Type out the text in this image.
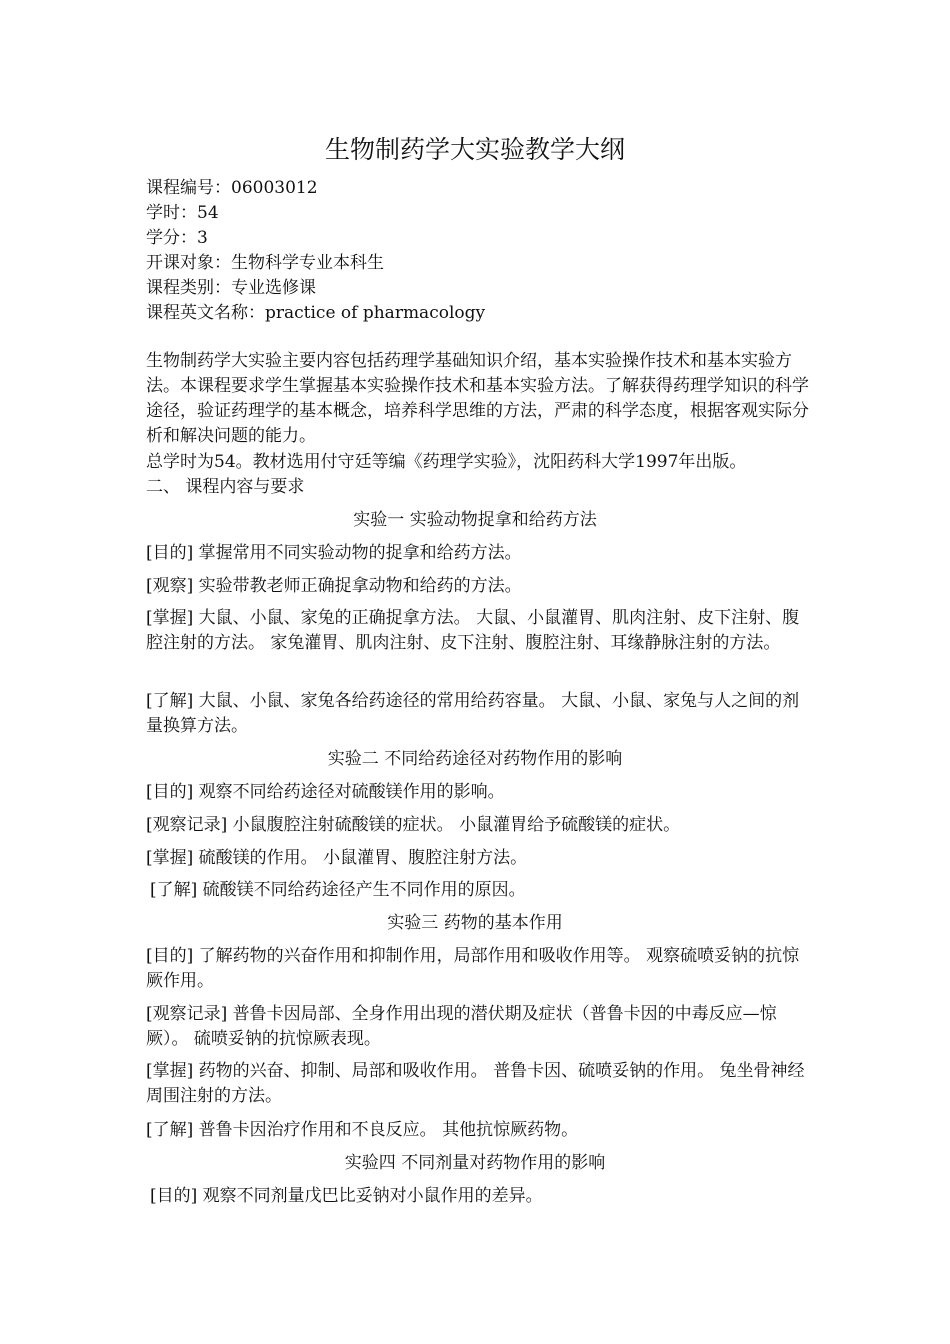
生物制药学大实验教学大纲
课程编号：06003012
学时：54
学分：3
开课对象：生物科学专业本科生
课程类别：专业选修课
课程英文名称：practice of pharmacology
生物制药学大实验主要内容包括药理学基础知识介绍，基本实验操作技术和基本实验方法。本课程要求学生掌握基本实验操作技术和基本实验方法。了解获得药理学知识的科学途径，验证药理学的基本概念，培养科学思维的方法，严肃的科学态度，根据客观实际分析和解决问题的能力。
总学时为54。教材选用付守廷等编《药理学实验》，沈阳药科大学1997年出版。
二、 课程内容与要求
实验一 实验动物捉拿和给药方法
[目的] 掌握常用不同实验动物的捉拿和给药方法。
[观察] 实验带教老师正确捉拿动物和给药的方法。
[掌握] 大鼠、小鼠、家兔的正确捉拿方法。 大鼠、小鼠灌胃、肌肉注射、皮下注射、腹腔注射的方法。 家兔灌胃、肌肉注射、皮下注射、腹腔注射、耳缘静脉注射的方法。
[了解] 大鼠、小鼠、家兔各给药途径的常用给药容量。 大鼠、小鼠、家兔与人之间的剂量换算方法。
实验二 不同给药途径对药物作用的影响
[目的] 观察不同给药途径对硫酸镁作用的影响。
[观察记录] 小鼠腹腔注射硫酸镁的症状。 小鼠灌胃给予硫酸镁的症状。
[掌握] 硫酸镁的作用。 小鼠灌胃、腹腔注射方法。
[了解] 硫酸镁不同给药途径产生不同作用的原因。
实验三 药物的基本作用
[目的] 了解药物的兴奋作用和抑制作用，局部作用和吸收作用等。 观察硫喷妥钠的抗惊厥作用。
[观察记录] 普鲁卡因局部、全身作用出现的潜伏期及症状（普鲁卡因的中毒反应—惊厥）。 硫喷妥钠的抗惊厥表现。
[掌握] 药物的兴奋、抑制、局部和吸收作用。 普鲁卡因、硫喷妥钠的作用。 兔坐骨神经周围注射的方法。
[了解] 普鲁卡因治疗作用和不良反应。 其他抗惊厥药物。
实验四 不同剂量对药物作用的影响
[目的] 观察不同剂量戊巴比妥钠对小鼠作用的差异。
